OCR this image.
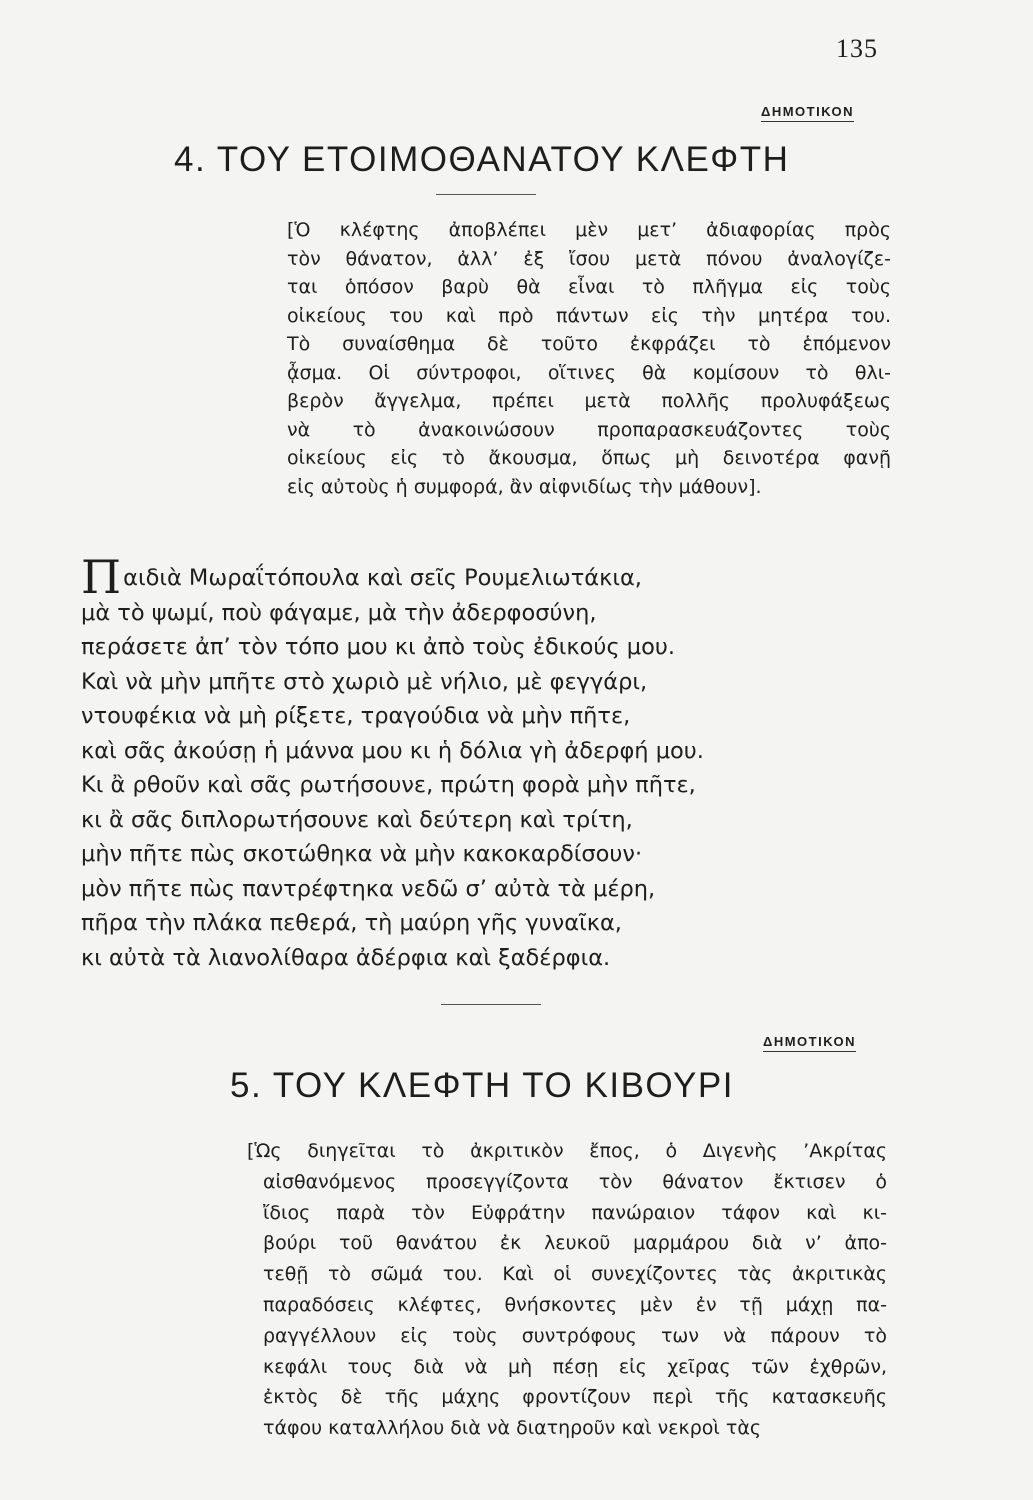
135
ΔΗΜΟΤΙΚΟΝ
4. ΤΟΥ ΕΤΟΙΜΟΘΑΝΑΤΟΥ ΚΛΕΦΤΗ
[Ὁ κλέφτης ἀποβλέπει μὲν μετ’ ἀδιαφορίας πρὸς
τὸν θάνατον, ἀλλ’ ἐξ ἴσου μετὰ πόνου ἀναλογίζε-
ται ὁπόσον βαρὺ θὰ εἶναι τὸ πλῆγμα εἰς τοὺς
οἰκείους του καὶ πρὸ πάντων εἰς τὴν μητέρα του.
Τὸ συναίσθημα δὲ τοῦτο ἐκφράζει τὸ ἑπόμενον
ᾆσμα. Οἱ σύντροφοι, οἵτινες θὰ κομίσουν τὸ θλι-
βερὸν ἄγγελμα, πρέπει μετὰ πολλῆς προλυφάξεως
νὰ τὸ ἀνακοινώσουν προπαρασκευάζοντες τοὺς
οἰκείους εἰς τὸ ἄκουσμα, ὅπως μὴ δεινοτέρα φανῇ
εἰς αὐτοὺς ἡ συμφορά, ἂν αἰφνιδίως τὴν μάθουν].
Παιδιὰ Μωραΐτόπουλα καὶ σεῖς Ρουμελιωτάκια,
μὰ τὸ ψωμί, ποὺ φάγαμε, μὰ τὴν ἀδερφοσύνη,
περάσετε ἀπ’ τὸν τόπο μου κι ἀπὸ τοὺς ἐδικούς μου.
Καὶ νὰ μὴν μπῆτε στὸ χωριὸ μὲ νήλιο, μὲ φεγγάρι,
ντουφέκια νὰ μὴ ρίξετε, τραγούδια νὰ μὴν πῆτε,
καὶ σᾶς ἀκούσῃ ἡ μάννα μου κι ἡ δόλια γὴ ἀδερφή μου.
Κι ἂ ρθοῦν καὶ σᾶς ρωτήσουνε, πρώτη φορὰ μὴν πῆτε,
κι ἂ σᾶς διπλορωτήσουνε καὶ δεύτερη καὶ τρίτη,
μὴν πῆτε πὼς σκοτώθηκα νὰ μὴν κακοκαρδίσουν·
μὸν πῆτε πὼς παντρέφτηκα νεδῶ σ’ αὐτὰ τὰ μέρη,
πῆρα τὴν πλάκα πεθερά, τὴ μαύρη γῆς γυναῖκα,
κι αὐτὰ τὰ λιανολίθαρα ἀδέρφια καὶ ξαδέρφια.
ΔΗΜΟΤΙΚΟΝ
5. ΤΟΥ ΚΛΕΦΤΗ ΤΟ ΚΙΒΟΥΡΙ
[Ὡς διηγεῖται τὸ ἀκριτικὸν ἔπος, ὁ Διγενὴς ’Ακρίτας
αἰσθανόμενος προσεγγίζοντα τὸν θάνατον ἔκτισεν ὁ
ἴδιος παρὰ τὸν Εὐφράτην πανώραιον τάφον καὶ κι-
βούρι τοῦ θανάτου ἐκ λευκοῦ μαρμάρου διὰ ν’ ἀπο-
τεθῇ τὸ σῶμά του. Καὶ οἱ συνεχίζοντες τὰς ἀκριτικὰς
παραδόσεις κλέφτες, θνήσκοντες μὲν ἐν τῇ μάχῃ πα-
ραγγέλλουν εἰς τοὺς συντρόφους των νὰ πάρουν τὸ
κεφάλι τους διὰ νὰ μὴ πέσῃ εἰς χεῖρας τῶν ἐχθρῶν,
ἐκτὸς δὲ τῆς μάχης φροντίζουν περὶ τῆς κατασκευῆς
τάφου καταλλήλου διὰ νὰ διατηροῦν καὶ νεκροὶ τὰς
